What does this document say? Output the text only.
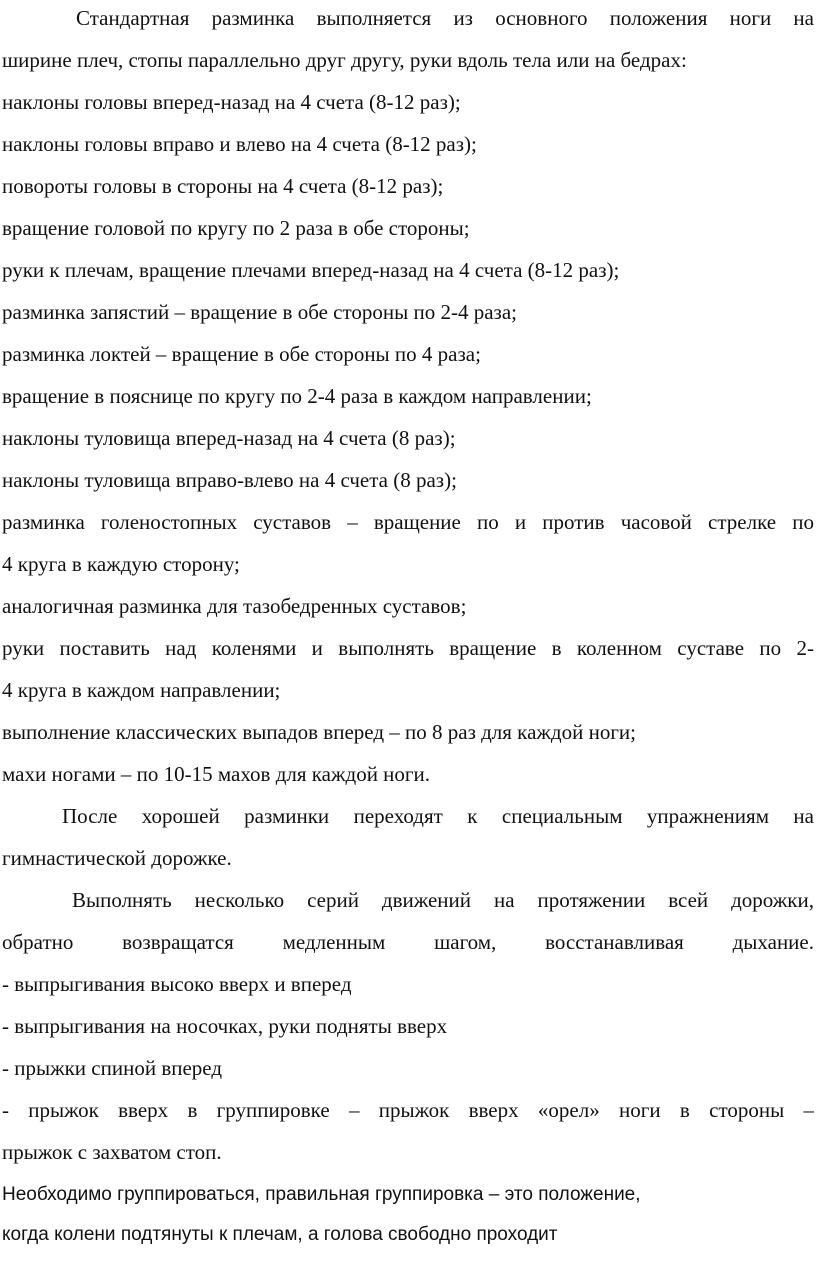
Стандартная разминка выполняется из основного положения ноги на
ширине плеч, стопы параллельно друг другу, руки вдоль тела или на бедрах:
наклоны головы вперед-назад на 4 счета (8-12 раз);
наклоны головы вправо и влево на 4 счета (8-12 раз);
повороты головы в стороны на 4 счета (8-12 раз);
вращение головой по кругу по 2 раза в обе стороны;
руки к плечам, вращение плечами вперед-назад на 4 счета (8-12 раз);
разминка запястий – вращение в обе стороны по 2-4 раза;
разминка локтей – вращение в обе стороны по 4 раза;
вращение в пояснице по кругу по 2-4 раза в каждом направлении;
наклоны туловища вперед-назад на 4 счета (8 раз);
наклоны туловища вправо-влево на 4 счета (8 раз);
разминка голеностопных суставов – вращение по и против часовой стрелке по
4 круга в каждую сторону;
аналогичная разминка для тазобедренных суставов;
руки поставить над коленями и выполнять вращение в коленном суставе по 2-
4 круга в каждом направлении;
выполнение классических выпадов вперед – по 8 раз для каждой ноги;
махи ногами – по 10-15 махов для каждой ноги.
После хорошей разминки переходят к специальным упражнениям на
гимнастической дорожке.
Выполнять несколько серий движений на протяжении всей дорожки,
обратно возвращатся медленным шагом, восстанавливая дыхание.
- выпрыгивания высоко вверх и вперед
- выпрыгивания на носочках, руки подняты вверх
- прыжки спиной вперед
- прыжок вверх в группировке – прыжок вверх «орел» ноги в стороны –
прыжок с захватом стоп.
Необходимо группироваться, правильная группировка – это положение,
когда колени подтянуты к плечам, а голова свободно проходит
